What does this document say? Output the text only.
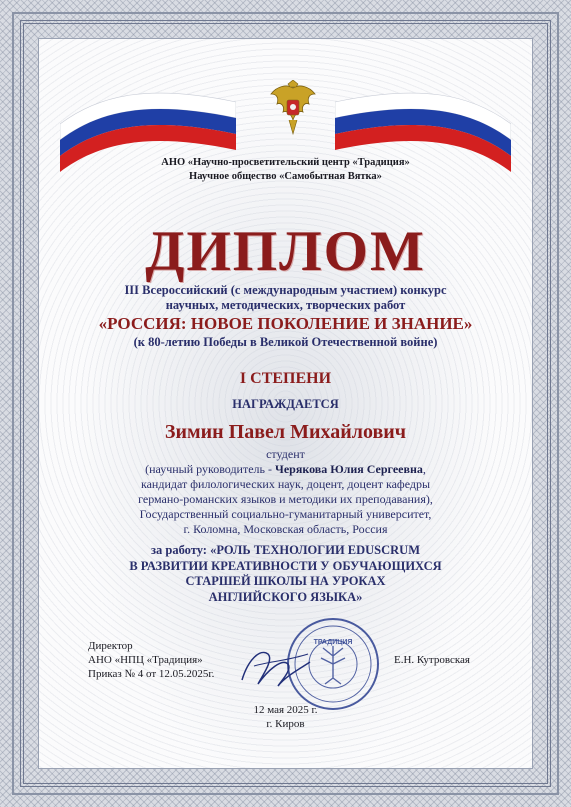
АНО «Научно-просветительский центр «Традиция»
Научное общество «Самобытная Вятка»
ДИПЛОМ
III Всероссийский (с международным участием) конкурс
научных, методических, творческих работ
«РОССИЯ: НОВОЕ ПОКОЛЕНИЕ И ЗНАНИЕ»
(к 80-летию Победы в Великой Отечественной войне)
I СТЕПЕНИ
НАГРАЖДАЕТСЯ
Зимин Павел Михайлович
студент
(научный руководитель - Черякова Юлия Сергеевна,
кандидат филологических наук, доцент, доцент кафедры
германо-романских языков и методики их преподавания),
Государственный социально-гуманитарный университет,
г. Коломна, Московская область, Россия
за работу: «РОЛЬ ТЕХНОЛОГИИ EDUSCRUM
В РАЗВИТИИ КРЕАТИВНОСТИ У ОБУЧАЮЩИХСЯ
СТАРШЕЙ ШКОЛЫ НА УРОКАХ
АНГЛИЙСКОГО ЯЗЫКА»
Директор
АНО «НПЦ «Традиция»
Приказ № 4 от 12.05.2025г.
Е.Н. Кутровская
ТРАДИЦИЯ
12 мая 2025 г.
г. Киров
